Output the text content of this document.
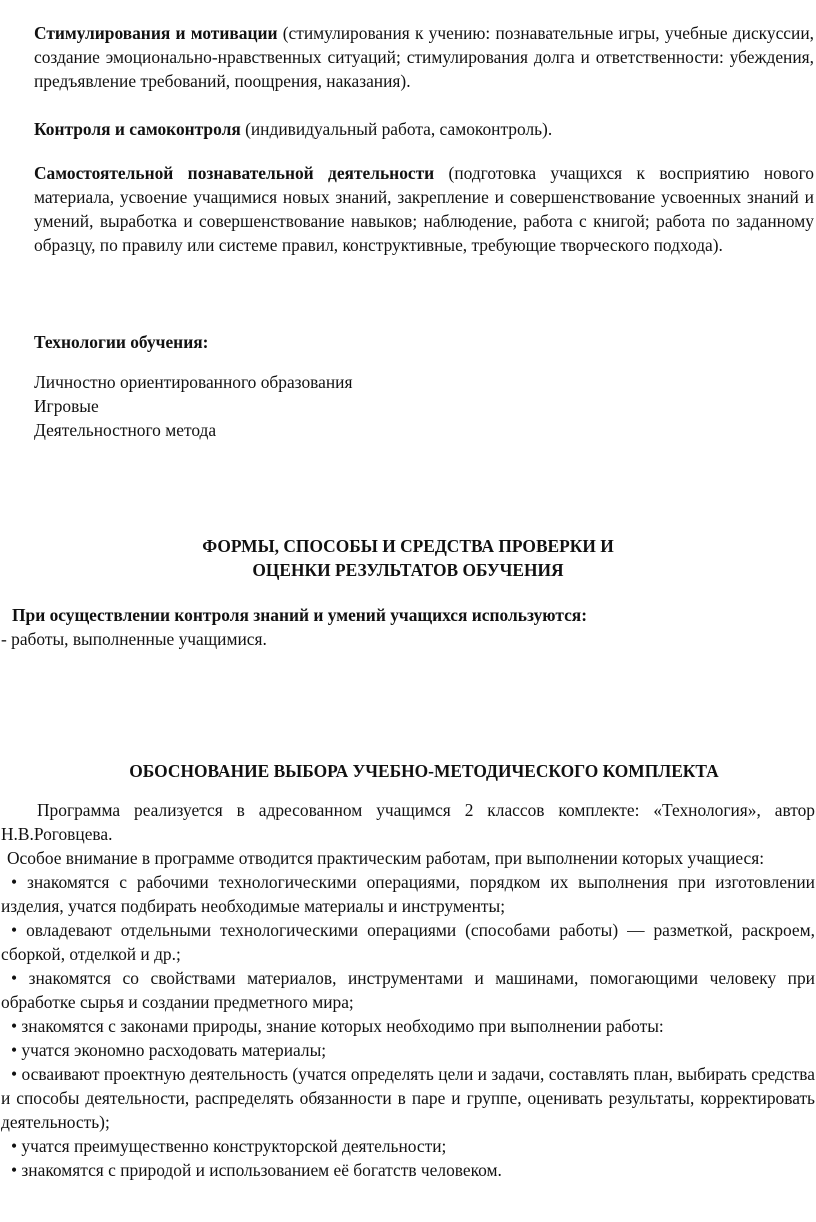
Стимулирования и мотивации (стимулирования к учению: познавательные игры, учебные дискуссии, создание эмоционально-нравственных ситуаций; стимулирования долга и ответственности: убеждения, предъявление требований, поощрения, наказания).

Контроля и самоконтроля (индивидуальный работа, самоконтроль).

Самостоятельной познавательной деятельности (подготовка учащихся к восприятию нового материала, усвоение учащимися новых знаний, закрепление и совершенствование усвоенных знаний и умений, выработка и совершенствование навыков; наблюдение, работа с книгой; работа по заданному образцу, по правилу или системе правил, конструктивные, требующие творческого подхода).

Технологии обучения:

Личностно ориентированного образования
Игровые
Деятельностного метода
ФОРМЫ, СПОСОБЫ И СРЕДСТВА ПРОВЕРКИ И
ОЦЕНКИ РЕЗУЛЬТАТОВ ОБУЧЕНИЯ

При осуществлении контроля знаний и умений учащихся используются:

- работы, выполненные учащимися.

ОБОСНОВАНИЕ ВЫБОРА УЧЕБНО-МЕТОДИЧЕСКОГО КОМПЛЕКТА

Программа реализуется в адресованном учащимся 2 классов комплекте: «Технология», автор Н.В.Роговцева.
Особое внимание в программе отводится практическим работам, при выполнении которых учащиеся:
• знакомятся с рабочими технологическими операциями, порядком их выполнения при изготовлении изделия, учатся подбирать необходимые материалы и инструменты;
• овладевают отдельными технологическими операциями (способами работы) — разметкой, раскроем, сборкой, отделкой и др.;
• знакомятся со свойствами материалов, инструментами и машинами, помогающими человеку при обработке сырья и создании предметного мира;
• знакомятся с законами природы, знание которых необходимо при выполнении работы:
• учатся экономно расходовать материалы;
• осваивают проектную деятельность (учатся определять цели и задачи, составлять план, выбирать средства и способы деятельности, распределять обязанности в паре и группе, оценивать результаты, корректировать деятельность);
• учатся преимущественно конструкторской деятельности;
• знакомятся с природой и использованием её богатств человеком.
